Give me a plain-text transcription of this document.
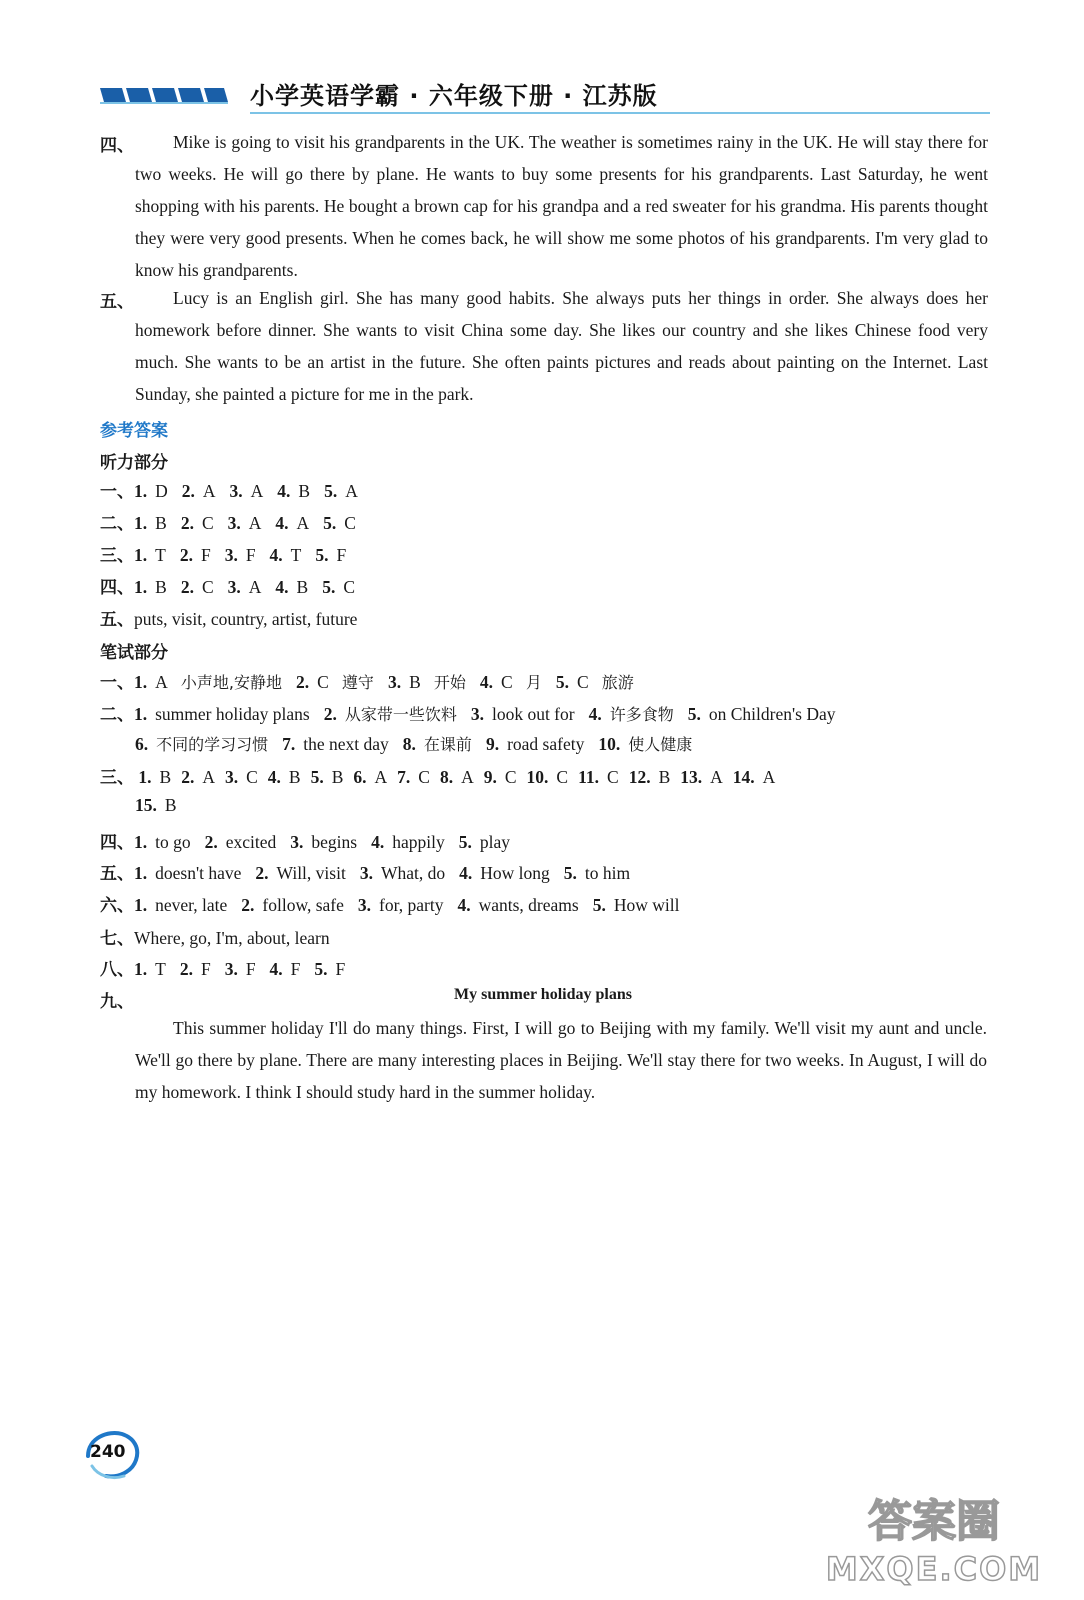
小学英语学霸 · 六年级下册 · 江苏版
四、	Mike is going to visit his grandparents in the UK. The weather is sometimes rainy in the UK. He will stay there for two weeks. He will go there by plane. He wants to buy some presents for his grandparents. Last Saturday, he went shopping with his parents. He bought a brown cap for his grandpa and a red sweater for his grandma. His parents thought they were very good presents. When he comes back, he will show me some photos of his grandparents. I'm very glad to know his grandparents.
五、	Lucy is an English girl. She has many good habits. She always puts her things in order. She always does her homework before dinner. She wants to visit China some day. She likes our country and she likes Chinese food very much. She wants to be an artist in the future. She often paints pictures and reads about painting on the Internet. Last Sunday, she painted a picture for me in the park.
参考答案
听力部分
一、1. D 2. A 3. A 4. B 5. A
二、1. B 2. C 3. A 4. A 5. C
三、1. T 2. F 3. F 4. T 5. F
四、1. B 2. C 3. A 4. B 5. C
五、puts, visit, country, artist, future
笔试部分
一、1. A 小声地,安静地 2. C 遵守 3. B 开始 4. C 月 5. C 旅游
二、1. summer holiday plans 2. 从家带一些饮料 3. look out for 4. 许多食物 5. on Children's Day
6. 不同的学习习惯 7. the next day 8. 在课前 9. road safety 10. 使人健康
三、 1. B 2. A 3. C 4. B 5. B 6. A 7. C 8. A 9. C 10. C 11. C 12. B 13. A 14. A
15. B
四、1. to go 2. excited 3. begins 4. happily 5. play
五、1. doesn't have 2. Will, visit 3. What, do 4. How long 5. to him
六、1. never, late 2. follow, safe 3. for, party 4. wants, dreams 5. How will
七、Where, go, I'm, about, learn
八、1. T 2. F 3. F 4. F 5. F
九、	My summer holiday plans
This summer holiday I'll do many things. First, I will go to Beijing with my family. We'll visit my aunt and uncle. We'll go there by plane. There are many interesting places in Beijing. We'll stay there for two weeks. In August, I will do my homework. I think I should study hard in the summer holiday.
240
答案圈
MXQE.COM
